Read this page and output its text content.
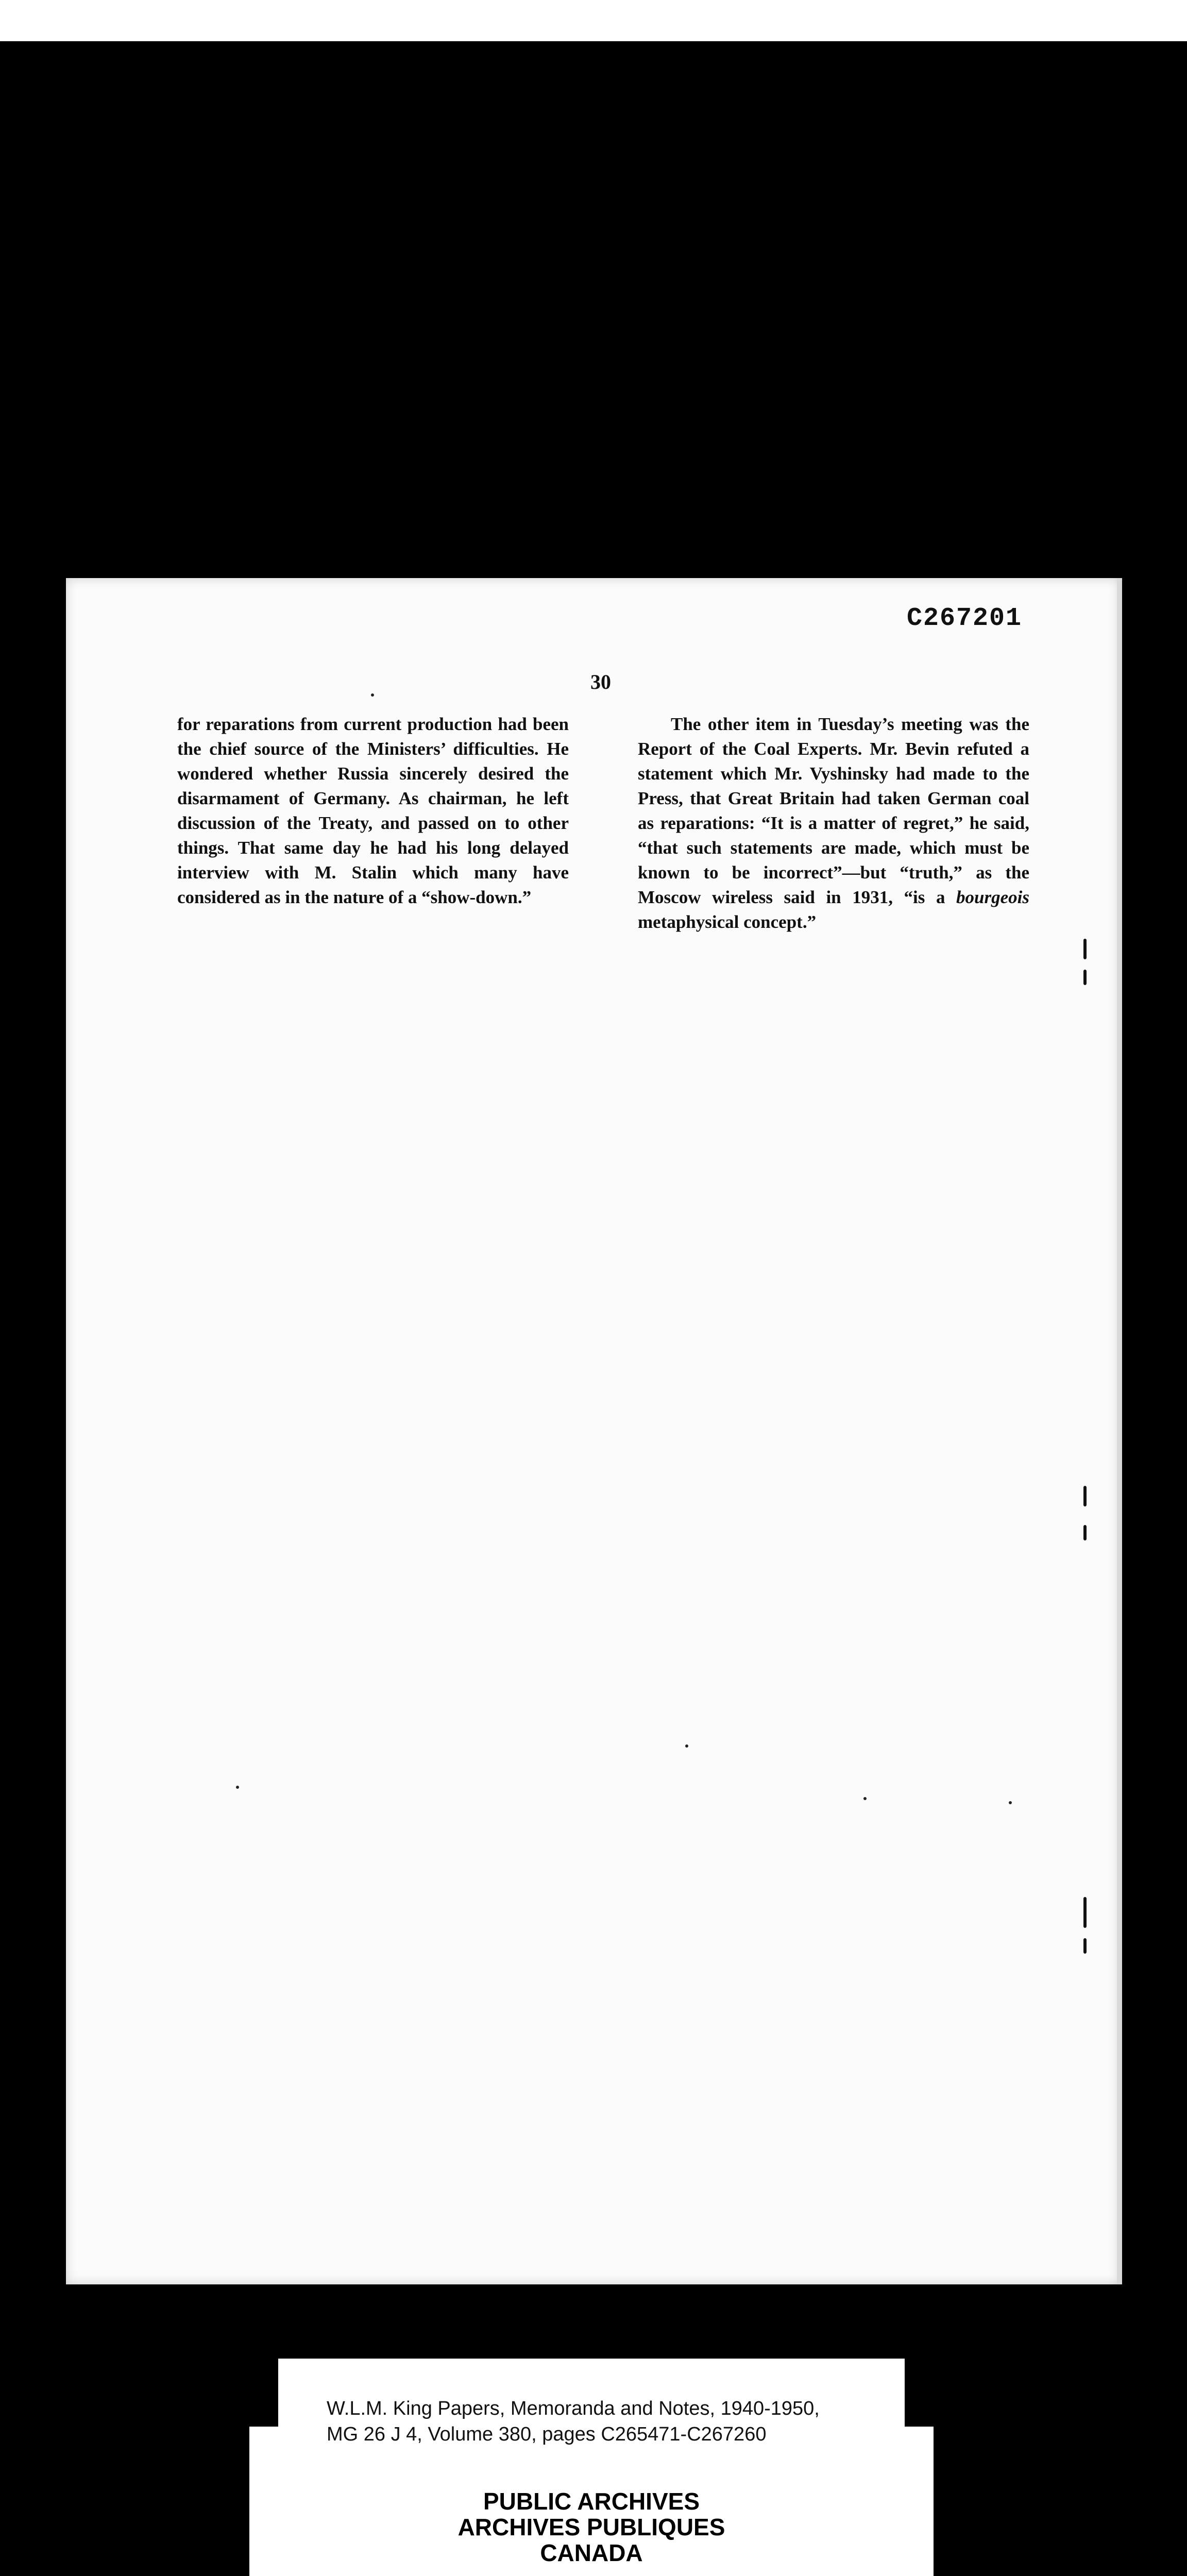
C267201
30

for reparations from current production had been the chief source of the Ministers’ difficulties. He wondered whether Russia sincerely desired the disarmament of Germany. As chairman, he left discussion of the Treaty, and passed on to other things. That same day he had his long delayed interview with M. Stalin which many have considered as in the nature of a “show-down.”

The other item in Tuesday’s meeting was the Report of the Coal Experts. Mr. Bevin refuted a statement which Mr. Vyshinsky had made to the Press, that Great Britain had taken German coal as reparations: “It is a matter of regret,” he said, “that such statements are made, which must be known to be incorrect”—but “truth,” as the Moscow wireless said in 1931, “is a bourgeois metaphysical concept.”

W.L.M. King Papers, Memoranda and Notes, 1940-1950,
MG 26 J 4, Volume 380, pages C265471-C267260
PUBLIC ARCHIVES
ARCHIVES PUBLIQUES
CANADA
